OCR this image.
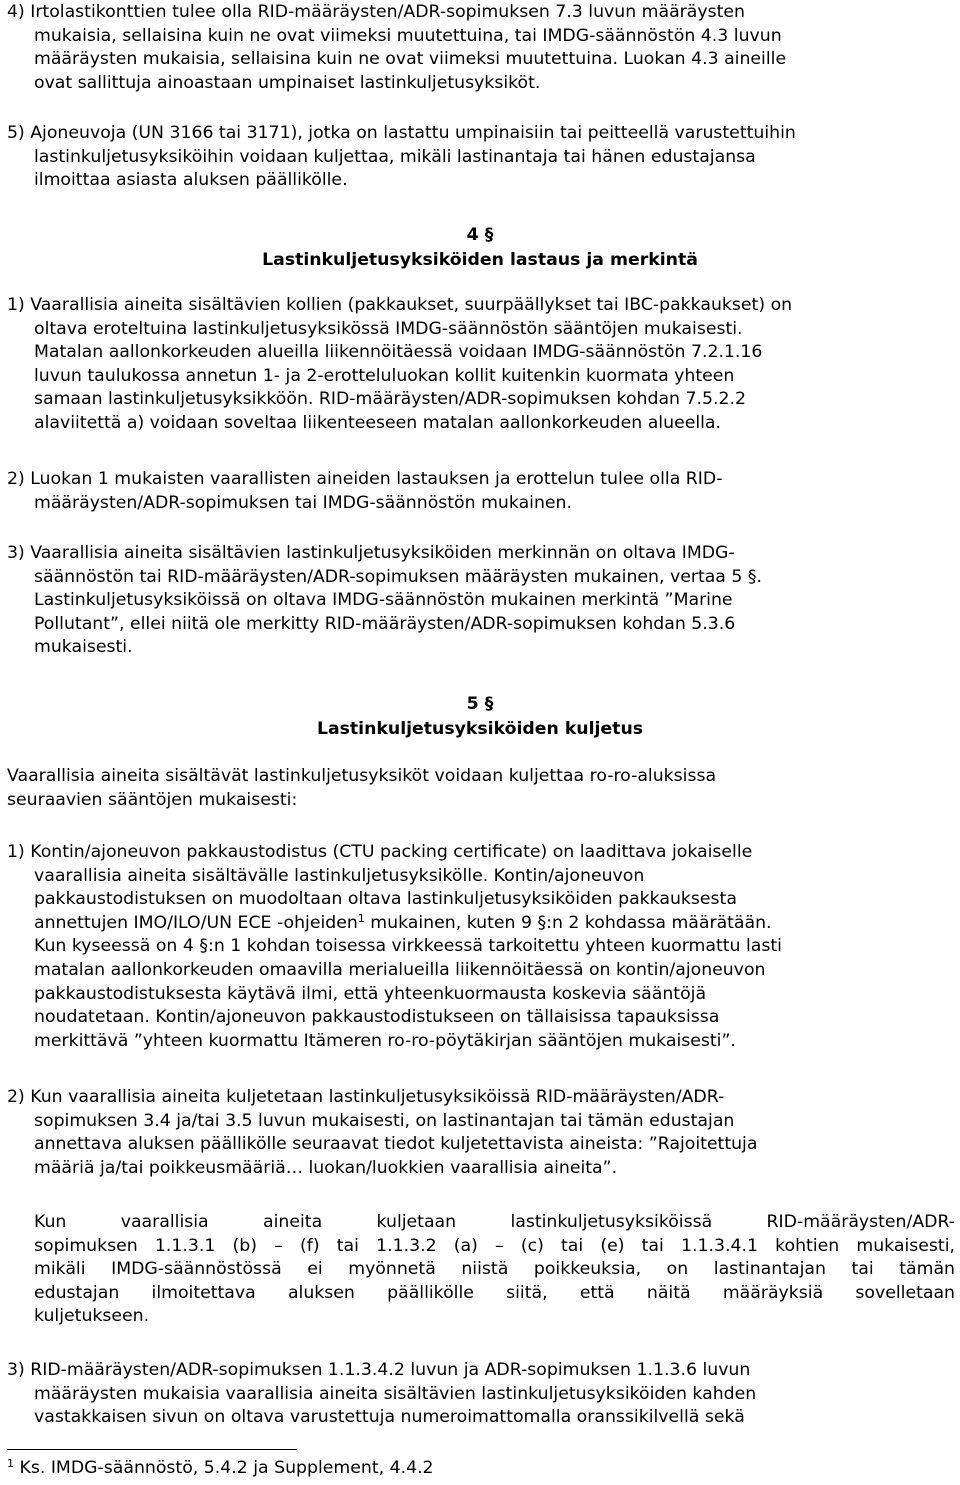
4) Irtolastikonttien tulee olla RID-määräysten/ADR-sopimuksen 7.3 luvun määräysten
mukaisia, sellaisina kuin ne ovat viimeksi muutettuina, tai IMDG-säännöstön 4.3 luvun
määräysten mukaisia, sellaisina kuin ne ovat viimeksi muutettuina. Luokan 4.3 aineille
ovat sallittuja ainoastaan umpinaiset lastinkuljetusyksiköt.

5) Ajoneuvoja (UN 3166 tai 3171), jotka on lastattu umpinaisiin tai peitteellä varustettuihin
lastinkuljetusyksiköihin voidaan kuljettaa, mikäli lastinantaja tai hänen edustajansa
ilmoittaa asiasta aluksen päällikölle.

4 §
Lastinkuljetusyksiköiden lastaus ja merkintä

1) Vaarallisia aineita sisältävien kollien (pakkaukset, suurpäällykset tai IBC-pakkaukset) on
oltava eroteltuina lastinkuljetusyksikössä IMDG-säännöstön sääntöjen mukaisesti.
Matalan aallonkorkeuden alueilla liikennöitäessä voidaan IMDG-säännöstön 7.2.1.16
luvun taulukossa annetun 1- ja 2-erotteluluokan kollit kuitenkin kuormata yhteen
samaan lastinkuljetusyksikköön. RID-määräysten/ADR-sopimuksen kohdan 7.5.2.2
alaviitettä a) voidaan soveltaa liikenteeseen matalan aallonkorkeuden alueella.

2) Luokan 1 mukaisten vaarallisten aineiden lastauksen ja erottelun tulee olla RID-
määräysten/ADR-sopimuksen tai IMDG-säännöstön mukainen.

3) Vaarallisia aineita sisältävien lastinkuljetusyksiköiden merkinnän on oltava IMDG-
säännöstön tai RID-määräysten/ADR-sopimuksen määräysten mukainen, vertaa 5 §.
Lastinkuljetusyksiköissä on oltava IMDG-säännöstön mukainen merkintä ”Marine
Pollutant”, ellei niitä ole merkitty RID-määräysten/ADR-sopimuksen kohdan 5.3.6
mukaisesti.

5 §
Lastinkuljetusyksiköiden kuljetus

Vaarallisia aineita sisältävät lastinkuljetusyksiköt voidaan kuljettaa ro-ro-aluksissa
seuraavien sääntöjen mukaisesti:

1) Kontin/ajoneuvon pakkaustodistus (CTU packing certificate) on laadittava jokaiselle
vaarallisia aineita sisältävälle lastinkuljetusyksikölle. Kontin/ajoneuvon
pakkaustodistuksen on muodoltaan oltava lastinkuljetusyksiköiden pakkauksesta
annettujen IMO/ILO/UN ECE -ohjeiden$^1$ mukainen, kuten 9 §:n 2 kohdassa määrätään.
Kun kyseessä on 4 §:n 1 kohdan toisessa virkkeessä tarkoitettu yhteen kuormattu lasti
matalan aallonkorkeuden omaavilla merialueilla liikennöitäessä on kontin/ajoneuvon
pakkaustodistuksesta käytävä ilmi, että yhteenkuormausta koskevia sääntöjä
noudatetaan. Kontin/ajoneuvon pakkaustodistukseen on tällaisissa tapauksissa
merkittävä ”yhteen kuormattu Itämeren ro-ro-pöytäkirjan sääntöjen mukaisesti”.

2) Kun vaarallisia aineita kuljetetaan lastinkuljetusyksiköissä RID-määräysten/ADR-
sopimuksen 3.4 ja/tai 3.5 luvun mukaisesti, on lastinantajan tai tämän edustajan
annettava aluksen päällikölle seuraavat tiedot kuljetettavista aineista: ”Rajoitettuja
määriä ja/tai poikkeusmääriä… luokan/luokkien vaarallisia aineita”.

Kun vaarallisia aineita kuljetaan lastinkuljetusyksiköissä RID-määräysten/ADR-
sopimuksen 1.1.3.1 (b) – (f) tai 1.1.3.2 (a) – (c) tai (e) tai 1.1.3.4.1 kohtien mukaisesti,
mikäli IMDG-säännöstössä ei myönnetä niistä poikkeuksia, on lastinantajan tai tämän
edustajan ilmoitettava aluksen päällikölle siitä, että näitä määräyksiä sovelletaan
kuljetukseen.

3) RID-määräysten/ADR-sopimuksen 1.1.3.4.2 luvun ja ADR-sopimuksen 1.1.3.6 luvun
määräysten mukaisia vaarallisia aineita sisältävien lastinkuljetusyksiköiden kahden
vastakkaisen sivun on oltava varustettuja numeroimattomalla oranssikilvellä sekä

$^1$ Ks. IMDG-säännöstö, 5.4.2 ja Supplement, 4.4.2
